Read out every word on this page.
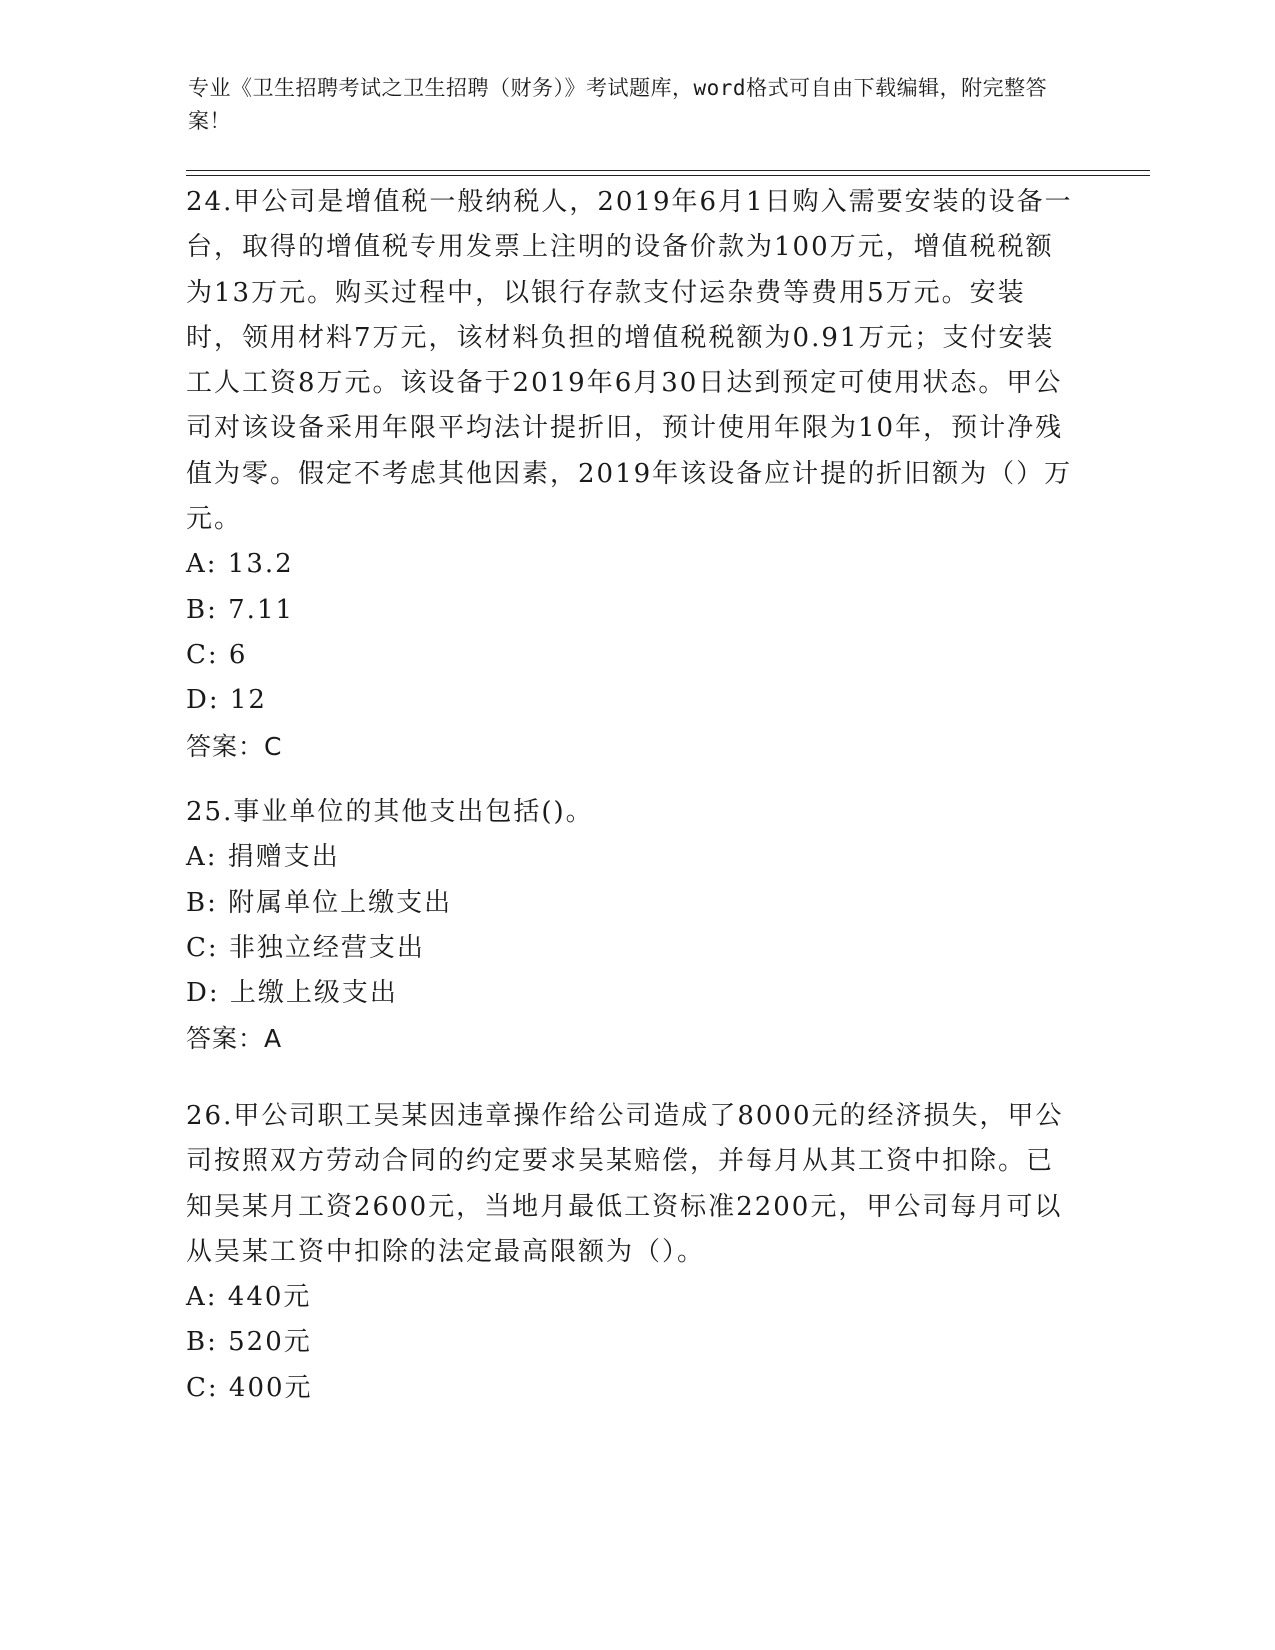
专业《卫生招聘考试之卫生招聘（财务）》考试题库，word格式可自由下载编辑，附完整答案！
24.甲公司是增值税一般纳税人，2019年6月1日购入需要安装的设备一台，取得的增值税专用发票上注明的设备价款为100万元，增值税税额为13万元。购买过程中，以银行存款支付运杂费等费用5万元。安装时，领用材料7万元，该材料负担的增值税税额为0.91万元；支付安装工人工资8万元。该设备于2019年6月30日达到预定可使用状态。甲公司对该设备采用年限平均法计提折旧，预计使用年限为10年，预计净残值为零。假定不考虑其他因素，2019年该设备应计提的折旧额为（）万元。
A: 13.2
B: 7.11
C: 6
D: 12
答案：C
25.事业单位的其他支出包括()。
A: 捐赠支出
B: 附属单位上缴支出
C: 非独立经营支出
D: 上缴上级支出
答案：A
26.甲公司职工吴某因违章操作给公司造成了8000元的经济损失，甲公司按照双方劳动合同的约定要求吴某赔偿，并每月从其工资中扣除。已知吴某月工资2600元，当地月最低工资标准2200元，甲公司每月可以从吴某工资中扣除的法定最高限额为（）。
A: 440元
B: 520元
C: 400元
